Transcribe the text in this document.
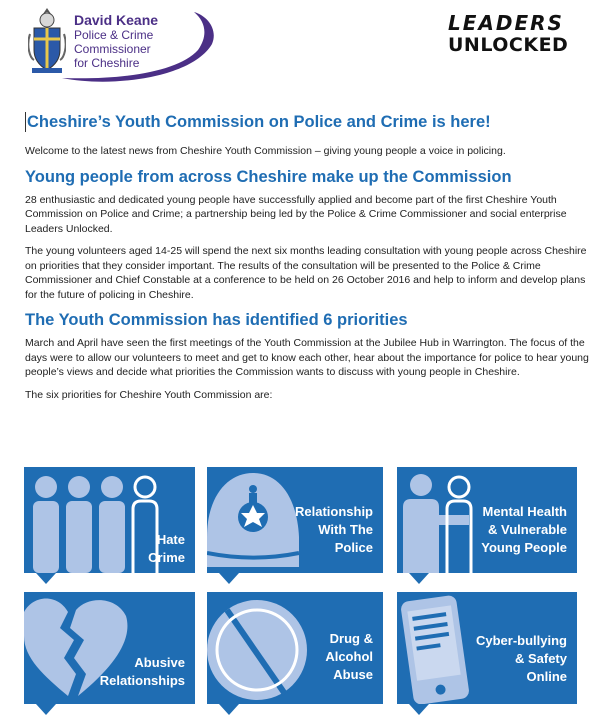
David Keane
Police & Crime
Commissioner
for Cheshire
LEADERS
UNLOCKED
Cheshire’s Youth Commission on Police and Crime is here!

Welcome to the latest news from Cheshire Youth Commission – giving young people a voice in policing.

Young people from across Cheshire make up the Commission

28 enthusiastic and dedicated young people have successfully applied and become part of the first Cheshire Youth Commission on Police and Crime; a partnership being led by the Police & Crime Commissioner and social enterprise Leaders Unlocked.

The young volunteers aged 14-25 will spend the next six months leading consultation with young people across Cheshire on priorities that they consider important. The results of the consultation will be presented to the Police & Crime Commissioner and Chief Constable at a conference to be held on 26 October 2016 and help to inform and develop plans for the future of policing in Cheshire.

The Youth Commission has identified 6 priorities

March and April have seen the first meetings of the Youth Commission at the Jubilee Hub in Warrington. The focus of the days were to allow our volunteers to meet and get to know each other, hear about the importance for police to hear young people’s views and decide what priorities the Commission wants to discuss with young people in Cheshire.

The six priorities for Cheshire Youth Commission are:

Hate
Crime
Relationship
With The
Police
Mental Health
& Vulnerable
Young People
Abusive
Relationships
Drug &
Alcohol
Abuse
Cyber-bullying
& Safety
Online
